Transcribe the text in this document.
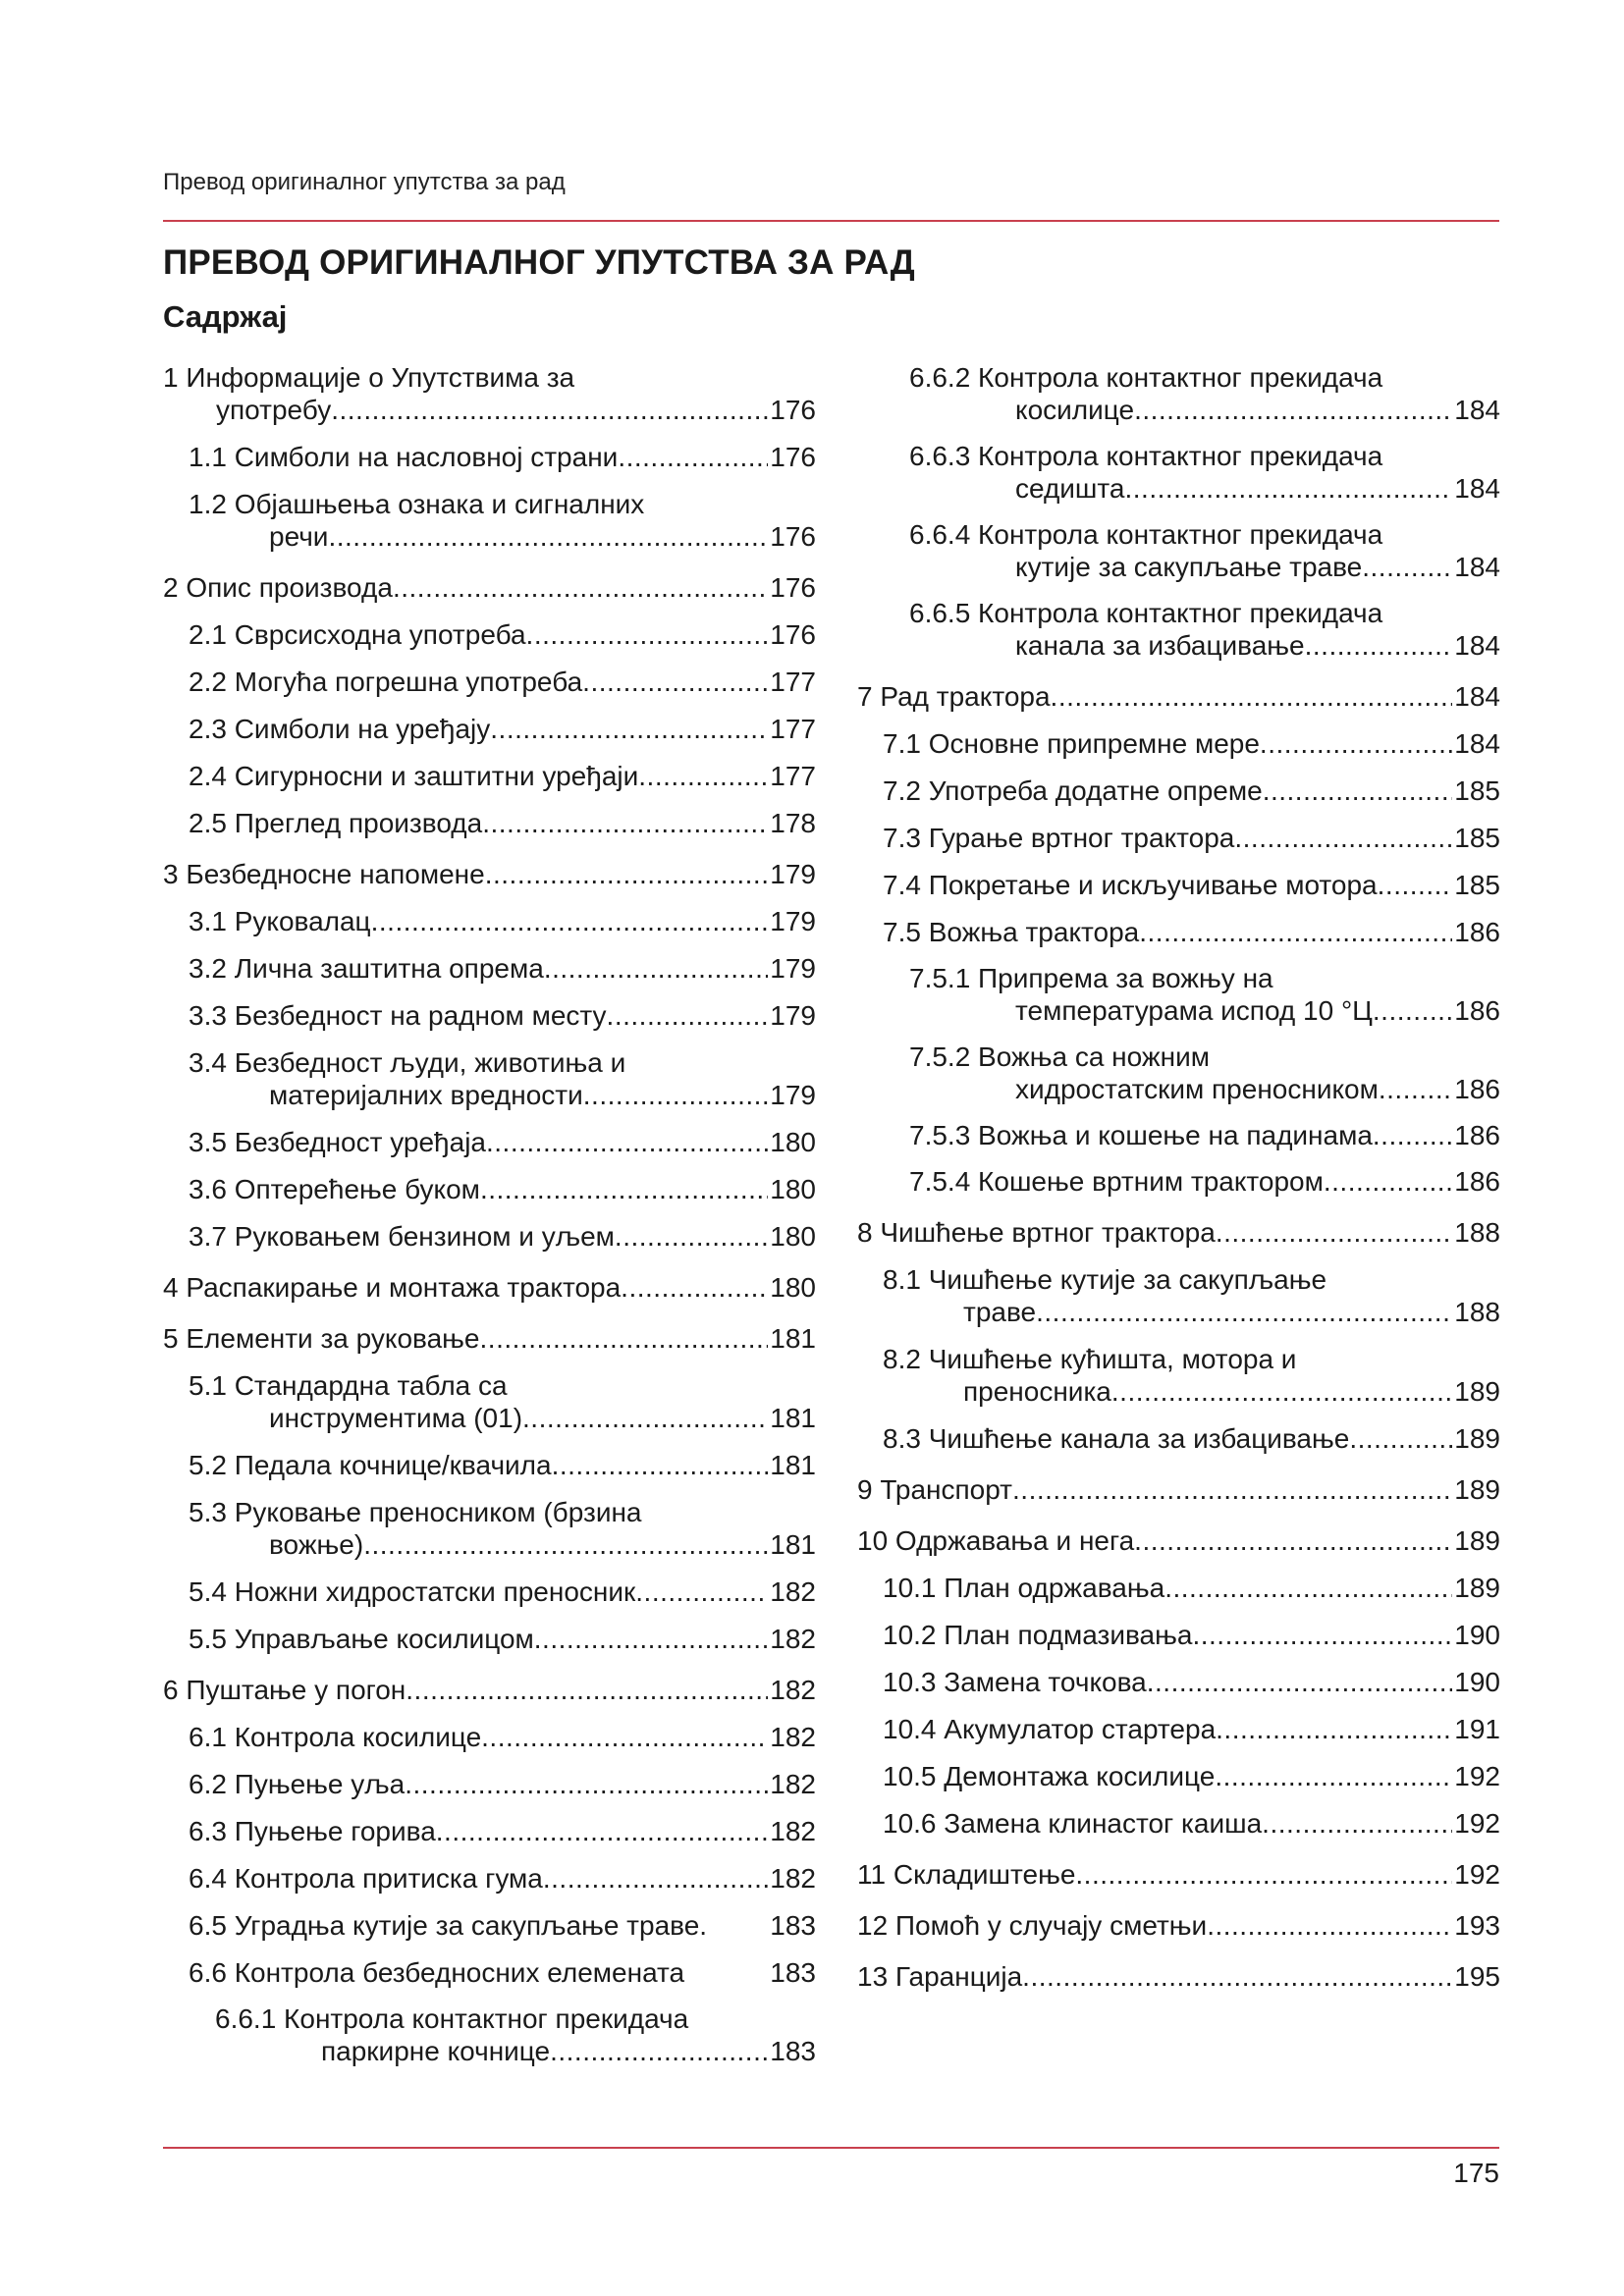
Превод оригиналног упутства за рад
ПРЕВОД ОРИГИНАЛНОГ УПУТСТВА ЗА РАД
Садржај
1 Информације о Упутствима за
употребу .....	176
1.1 Симболи на насловној страни .....	176
1.2 Објашњења ознака и сигналних
речи .....	176
2 Опис производа .....	176
2.1 Сврсисходна употреба .....	176
2.2 Могућа погрешна употреба .....	177
2.3 Симболи на уређају .....	177
2.4 Сигурносни и заштитни уређаји .....	177
2.5 Преглед производа .....	178
3 Безбедносне напомене .....	179
3.1 Руковалац .....	179
3.2 Лична заштитна опрема .....	179
3.3 Безбедност на радном месту .....	179
3.4 Безбедност људи, животиња и
материјалних вредности .....	179
3.5 Безбедност уређаја .....	180
3.6 Оптерећење буком .....	180
3.7 Руковањем бензином и уљем .....	180
4 Распакирање и монтажа трактора .....	180
5 Елементи за руковање .....	181
5.1 Стандардна табла са
инструментима (01) .....	181
5.2 Педала кочнице/квачила .....	181
5.3 Руковање преносником (брзина
вожње) .....	181
5.4 Ножни хидростатски преносник .....	182
5.5 Управљање косилицом .....	182
6 Пуштање у погон .....	182
6.1 Контрола косилице .....	182
6.2 Пуњење уља .....	182
6.3 Пуњење горива .....	182
6.4 Контрола притиска гума .....	182
6.5 Уградња кутије за сакупљање траве. 183
6.6 Контрола безбедносних елемената	183
6.6.1 Контрола контактног прекидача
паркирне кочнице .....	183
6.6.2 Контрола контактног прекидача
косилице .....	184
6.6.3 Контрола контактног прекидача
седишта .....	184
6.6.4 Контрола контактног прекидача
кутије за сакупљање траве .....	184
6.6.5 Контрола контактног прекидача
канала за избацивање .....	184
7 Рад трактора .....	184
7.1 Основне припремне мере .....	184
7.2 Употреба додатне опреме .....	185
7.3 Гурање вртног трактора .....	185
7.4 Покретање и искључивање мотора .....	185
7.5 Вожња трактора .....	186
7.5.1 Припрема за вожњу на
температурама испод 10 °Ц .....	186
7.5.2 Вожња са ножним
хидростатским преносником .....	186
7.5.3 Вожња и кошење на падинама .....	186
7.5.4 Кошење вртним трактором .....	186
8 Чишћење вртног трактора .....	188
8.1 Чишћење кутије за сакупљање
траве .....	188
8.2 Чишћење кућишта, мотора и
преносника .....	189
8.3 Чишћење канала за избацивање .....	189
9 Транспорт .....	189
10 Одржавања и нега .....	189
10.1 План одржавања .....	189
10.2 План подмазивања .....	190
10.3 Замена точкова .....	190
10.4 Акумулатор стартера .....	191
10.5 Демонтажа косилице .....	192
10.6 Замена клинастог каиша .....	192
11 Складиштење .....	192
12 Помоћ у случају сметњи .....	193
13 Гаранција .....	195
175
